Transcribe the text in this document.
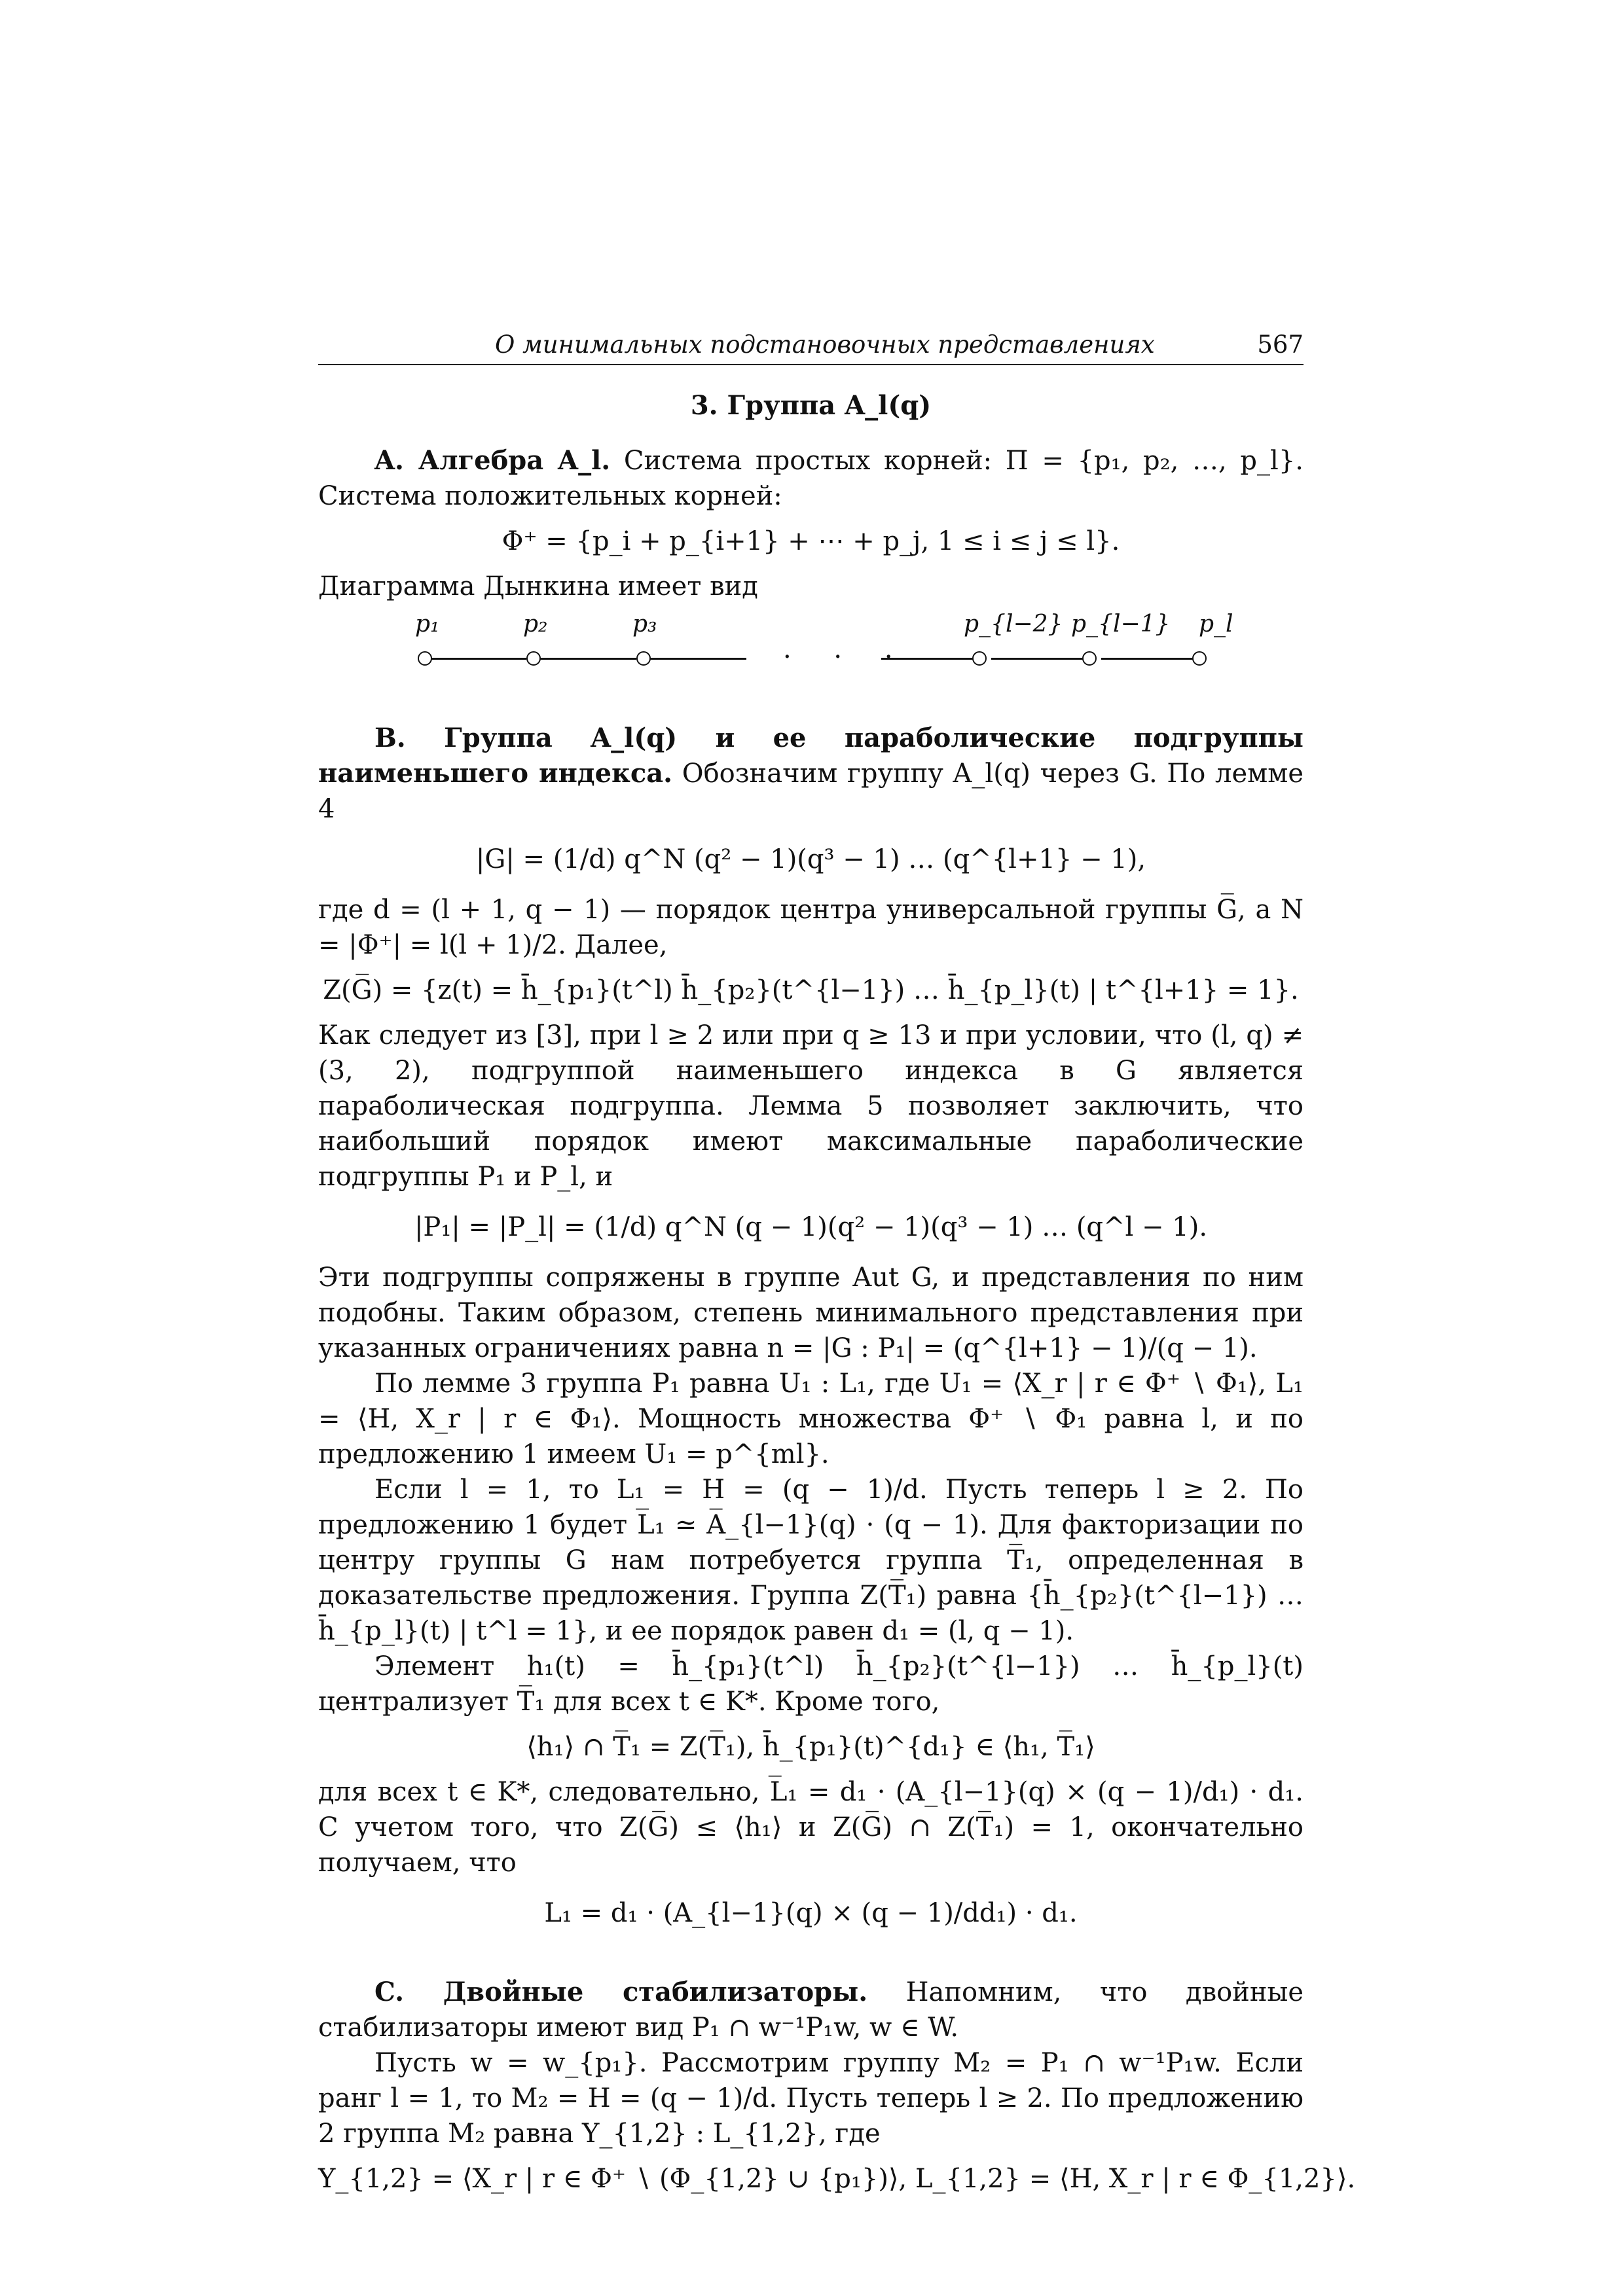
О минимальных подстановочных представлениях	567
3. Группа A_l(q)

A. Алгебра A_l. Система простых корней: Π = {p₁, p₂, …, p_l}. Система положительных корней:

Φ⁺ = {p_i + p_{i+1} + ⋯ + p_j, 1 ≤ i ≤ j ≤ l}.

Диаграмма Дынкина имеет вид

p₁	p₂	p₃	p_{l−2} p_{l−1} p_l
· · ·

B. Группа A_l(q) и ее параболические подгруппы наименьшего индекса. Обозначим группу A_l(q) через G. По лемме 4

|G| = (1/d) q^N (q² − 1)(q³ − 1) … (q^{l+1} − 1),

где d = (l + 1, q − 1) — порядок центра универсальной группы G̅, а N = |Φ⁺| = l(l + 1)/2. Далее,

Z(G̅) = {z(t) = h̄_{p₁}(t^l) h̄_{p₂}(t^{l−1}) … h̄_{p_l}(t) | t^{l+1} = 1}.

Как следует из [3], при l ≥ 2 или при q ≥ 13 и при условии, что (l, q) ≠ (3, 2), подгруппой наименьшего индекса в G является параболическая подгруппа. Лемма 5 позволяет заключить, что наибольший порядок имеют максимальные параболические подгруппы P₁ и P_l, и

|P₁| = |P_l| = (1/d) q^N (q − 1)(q² − 1)(q³ − 1) … (q^l − 1).

Эти подгруппы сопряжены в группе Aut G, и представления по ним подобны. Таким образом, степень минимального представления при указанных ограничениях равна n = |G : P₁| = (q^{l+1} − 1)/(q − 1).

По лемме 3 группа P₁ равна U₁ : L₁, где U₁ = ⟨X_r | r ∈ Φ⁺ ∖ Φ₁⟩, L₁ = ⟨H, X_r | r ∈ Φ₁⟩. Мощность множества Φ⁺ ∖ Φ₁ равна l, и по предложению 1 имеем U₁ = p^{ml}.

Если l = 1, то L₁ = H = (q − 1)/d. Пусть теперь l ≥ 2. По предложению 1 будет L̅₁ ≃ A̅_{l−1}(q) · (q − 1). Для факторизации по центру группы G нам потребуется группа T̅₁, определенная в доказательстве предложения. Группа Z(T̅₁) равна {h̄_{p₂}(t^{l−1}) … h̄_{p_l}(t) | t^l = 1}, и ее порядок равен d₁ = (l, q − 1).

Элемент h₁(t) = h̄_{p₁}(t^l) h̄_{p₂}(t^{l−1}) … h̄_{p_l}(t) централизует T̅₁ для всех t ∈ K*. Кроме того,

⟨h₁⟩ ∩ T̅₁ = Z(T̅₁), h̄_{p₁}(t)^{d₁} ∈ ⟨h₁, T̅₁⟩

для всех t ∈ K*, следовательно, L̅₁ = d₁ · (A_{l−1}(q) × (q − 1)/d₁) · d₁. С учетом того, что Z(G̅) ≤ ⟨h₁⟩ и Z(G̅) ∩ Z(T̅₁) = 1, окончательно получаем, что

L₁ = d₁ · (A_{l−1}(q) × (q − 1)/dd₁) · d₁.

C. Двойные стабилизаторы. Напомним, что двойные стабилизаторы имеют вид P₁ ∩ w⁻¹P₁w, w ∈ W.

Пусть w = w_{p₁}. Рассмотрим группу M₂ = P₁ ∩ w⁻¹P₁w. Если ранг l = 1, то M₂ = H = (q − 1)/d. Пусть теперь l ≥ 2. По предложению 2 группа M₂ равна Y_{1,2} : L_{1,2}, где

Y_{1,2} = ⟨X_r | r ∈ Φ⁺ ∖ (Φ_{1,2} ∪ {p₁})⟩, L_{1,2} = ⟨H, X_r | r ∈ Φ_{1,2}⟩.
